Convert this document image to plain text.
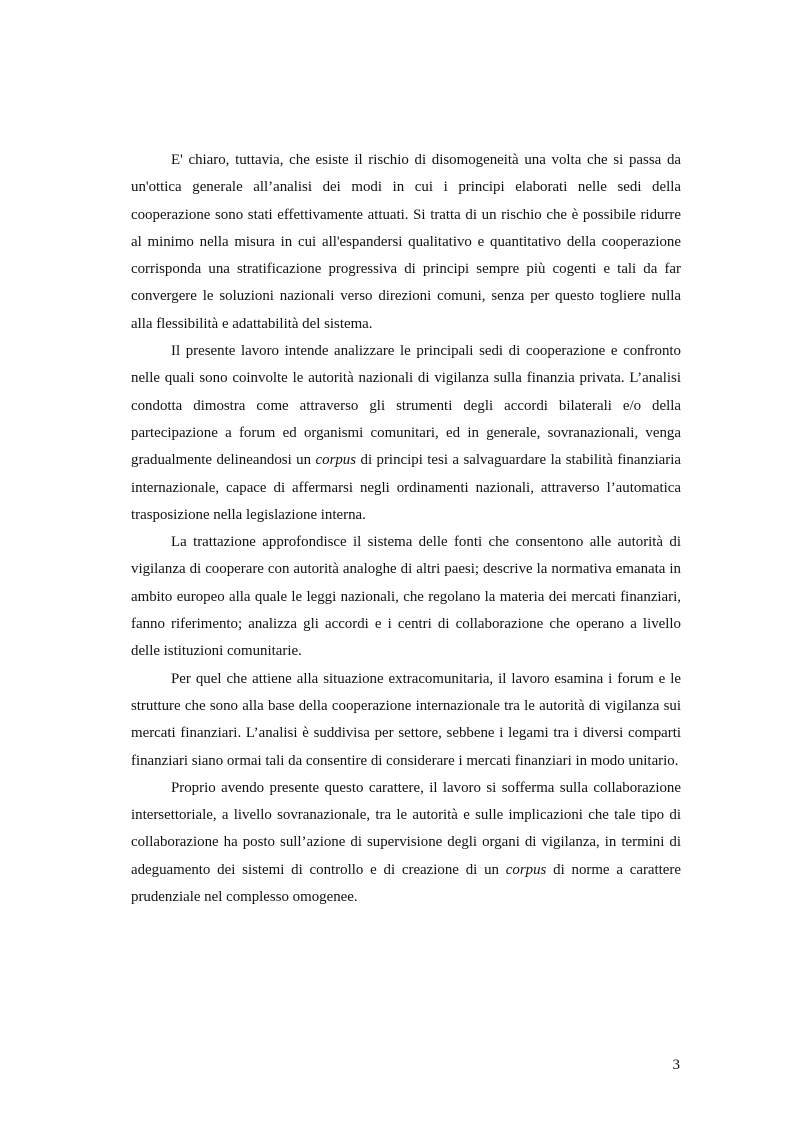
E' chiaro, tuttavia, che esiste il rischio di disomogeneità una volta che si passa da un'ottica generale all’analisi dei modi in cui i principi elaborati nelle sedi della cooperazione sono stati effettivamente attuati. Si tratta di un rischio che è possibile ridurre al minimo nella misura in cui all'espandersi qualitativo e quantitativo della cooperazione corrisponda una stratificazione progressiva di principi sempre più cogenti e tali da far convergere le soluzioni nazionali verso direzioni comuni, senza per questo togliere nulla alla flessibilità e adattabilità del sistema.

Il presente lavoro intende analizzare le principali sedi di cooperazione e confronto nelle quali sono coinvolte le autorità nazionali di vigilanza sulla finanzia privata. L’analisi condotta dimostra come attraverso gli strumenti degli accordi bilaterali e/o della partecipazione a forum ed organismi comunitari, ed in generale, sovranazionali, venga gradualmente delineandosi un corpus di principi tesi a salvaguardare la stabilità finanziaria internazionale, capace di affermarsi negli ordinamenti nazionali, attraverso l’automatica trasposizione nella legislazione interna.

La trattazione approfondisce il sistema delle fonti che consentono alle autorità di vigilanza di cooperare con autorità analoghe di altri paesi; descrive la normativa emanata in ambito europeo alla quale le leggi nazionali, che regolano la materia dei mercati finanziari, fanno riferimento; analizza gli accordi e i centri di collaborazione che operano a livello delle istituzioni comunitarie.

Per quel che attiene alla situazione extracomunitaria, il lavoro esamina i forum e le strutture che sono alla base della cooperazione internazionale tra le autorità di vigilanza sui mercati finanziari. L’analisi è suddivisa per settore, sebbene i legami tra i diversi comparti finanziari siano ormai tali da consentire di considerare i mercati finanziari in modo unitario.

Proprio avendo presente questo carattere, il lavoro si sofferma sulla collaborazione intersettoriale, a livello sovranazionale, tra le autorità e sulle implicazioni che tale tipo di collaborazione ha posto sull’azione di supervisione degli organi di vigilanza, in termini di adeguamento dei sistemi di controllo e di creazione di un corpus di norme a carattere prudenziale nel complesso omogenee.

3
